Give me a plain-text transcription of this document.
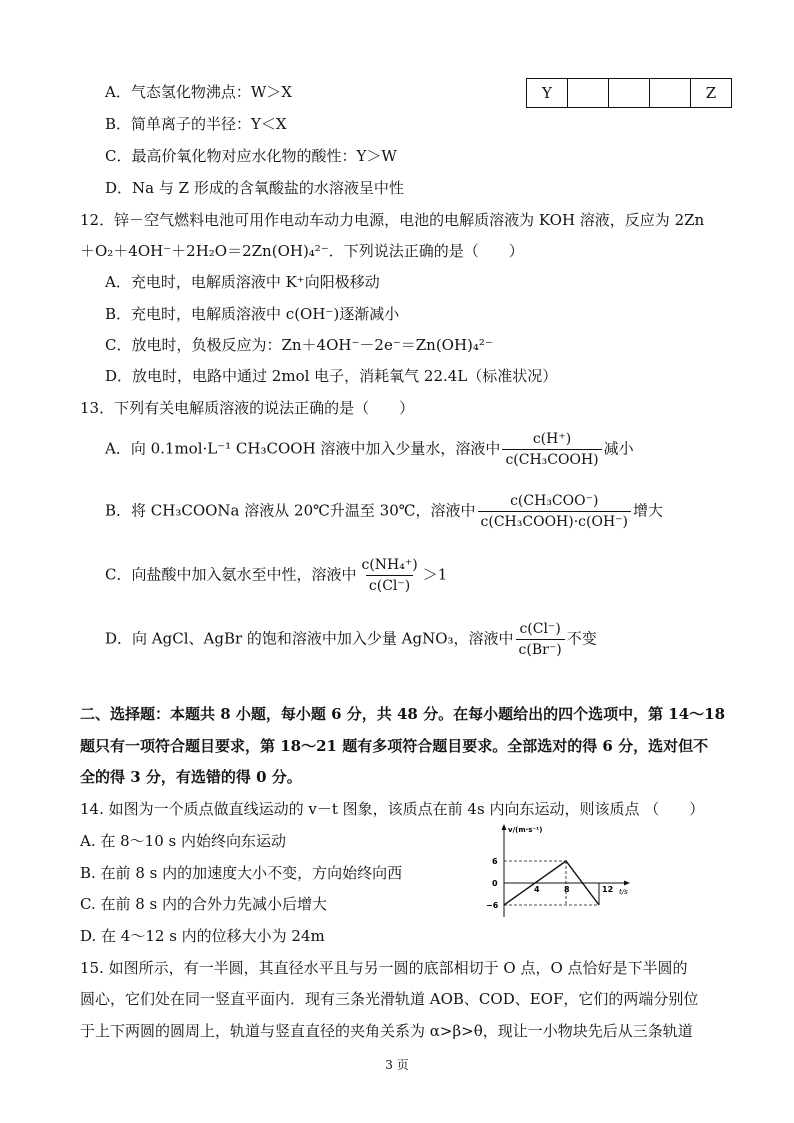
Y				Z
A．气态氢化物沸点：W＞X
B．简单离子的半径：Y＜X
C．最高价氧化物对应水化物的酸性：Y＞W
D．Na 与 Z 形成的含氧酸盐的水溶液呈中性
12．锌－空气燃料电池可用作电动车动力电源，电池的电解质溶液为 KOH 溶液，反应为 2Zn
＋O₂＋4OH⁻＋2H₂O＝2Zn(OH)₄²⁻．下列说法正确的是（　　）
A．充电时，电解质溶液中 K⁺向阳极移动
B．充电时，电解质溶液中 c(OH⁻)逐渐减小
C．放电时，负极反应为：Zn＋4OH⁻－2e⁻＝Zn(OH)₄²⁻
D．放电时，电路中通过 2mol 电子，消耗氧气 22.4L（标准状况）
13．下列有关电解质溶液的说法正确的是（　　）
A．向 0.1mol·L⁻¹ CH₃COOH 溶液中加入少量水，溶液中 $\frac{c(H^+)}{\text{c(CH₃COOH)}}$ 减小
B．将 CH₃COONa 溶液从 20℃升温至 30℃，溶液中 $\frac{\text{c(CH₃COO⁻)}}{\text{c(CH₃COOH)·c(OH⁻)}}$ 增大
C．向盐酸中加入氨水至中性，溶液中 $\frac{\text{c(NH₄⁺)}}{c(Cl^-)} >1$
D．向 AgCl、AgBr 的饱和溶液中加入少量 AgNO₃，溶液中 $\frac{c(Cl^-)}{c(Br^-)}$ 不变
二、选择题：本题共 8 小题，每小题 6 分，共 48 分。在每小题给出的四个选项中，第 14～18
题只有一项符合题目要求，第 18～21 题有多项符合题目要求。全部选对的得 6 分，选对但不
全的得 3 分，有选错的得 0 分。
14. 如图为一个质点做直线运动的 v－t 图象，该质点在前 4s 内向东运动，则该质点 （　　）
A. 在 8～10 s 内始终向东运动
B. 在前 8 s 内的加速度大小不变，方向始终向西
C. 在前 8 s 内的合外力先减小后增大
D. 在 4～12 s 内的位移大小为 24m
v/(m·s⁻¹)
t/s
6
0
−6
4	8	12
15. 如图所示，有一半圆，其直径水平且与另一圆的底部相切于 O 点，O 点恰好是下半圆的
圆心，它们处在同一竖直平面内．现有三条光滑轨道 AOB、COD、EOF，它们的两端分别位
于上下两圆的圆周上，轨道与竖直直径的夹角关系为 α>β>θ，现让一小物块先后从三条轨道
3 页
